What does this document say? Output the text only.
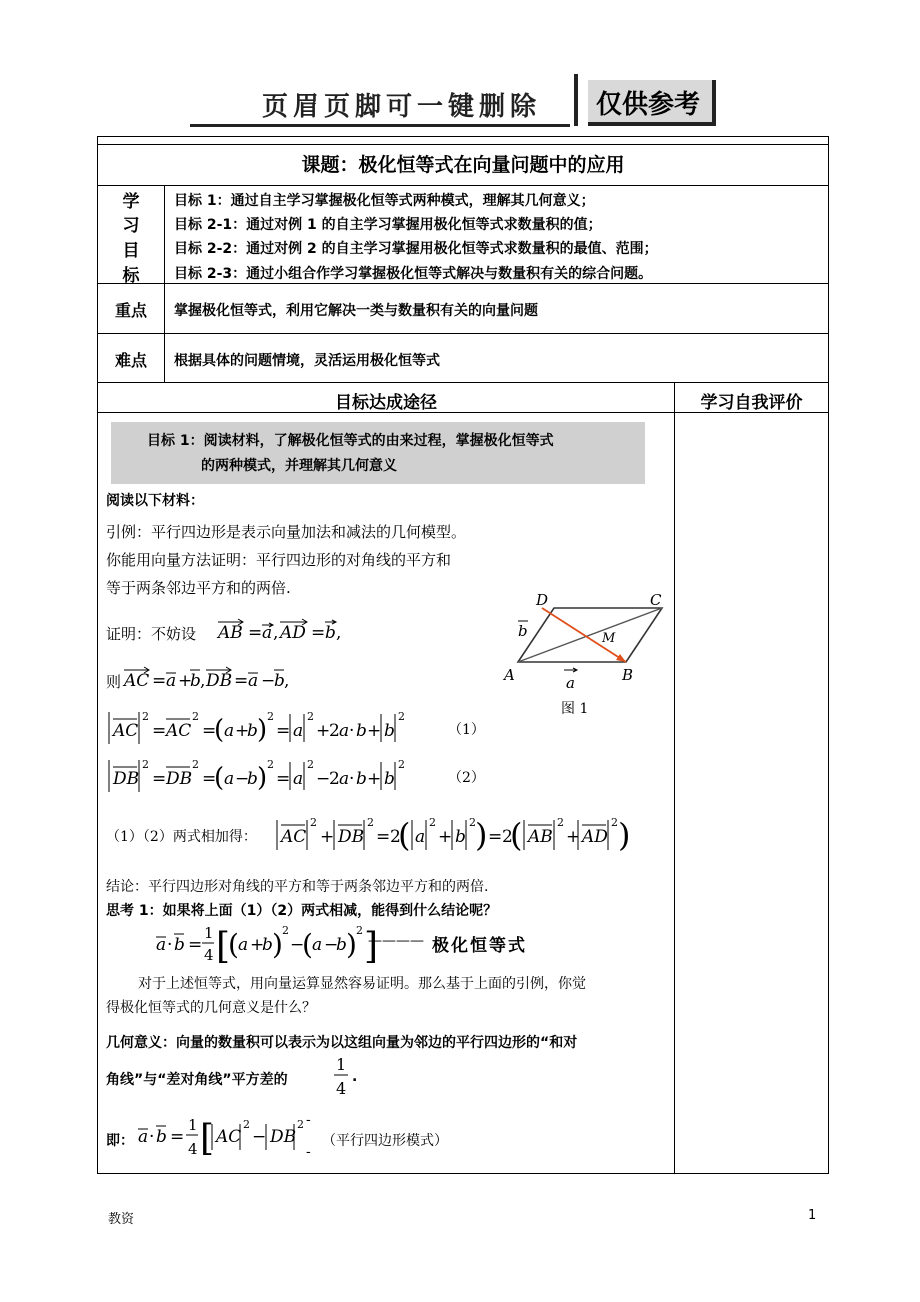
页眉页脚可一键删除 仅供参考
课题：极化恒等式在向量问题中的应用
学
习
目
标
目标 1：通过自主学习掌握极化恒等式两种模式，理解其几何意义；
目标 2-1：通过对例 1 的自主学习掌握用极化恒等式求数量积的值；
目标 2-2：通过对例 2 的自主学习掌握用极化恒等式求数量积的最值、范围；
目标 2-3：通过小组合作学习掌握极化恒等式解决与数量积有关的综合问题。
重点	掌握极化恒等式，利用它解决一类与数量积有关的向量问题
难点	根据具体的问题情境，灵活运用极化恒等式
目标达成途径	学习自我评价
目标 1：阅读材料，了解极化恒等式的由来过程，掌握极化恒等式
的两种模式，并理解其几何意义
阅读以下材料：
引例：平行四边形是表示向量加法和减法的几何模型。
你能用向量方法证明：平行四边形的对角线的平方和
等于两条邻边平方和的两倍.
证明：不妨设 AB = a , AD = b ,
则 AC = a +
b , DB = a −
b ,
AC
2
= AC
2
=
( a +
b ) 2
= a
2
+
2 a · b + b
2
（1）
DB
2
= DB
2
=
( a −
b ) 2
= a
2
−
2 a · b + b
2
（2）
（1）（2）两式相加得： AC
2
+ DB
2
= 2
( a
2
+ b
2 ) = 2
( AB
2
+ AD
2 )
结论：平行四边形对角线的平方和等于两条邻边平方和的两倍.
思考 1：如果将上面（1）（2）两式相减，能得到什么结论呢？
a · b =
1
4 [
( a +
b ) 2
−
( a −
b ) 2 ]
———— 极化恒等式
对于上述恒等式，用向量运算显然容易证明。那么基于上面的引例，你觉
得极化恒等式的几何意义是什么？
几何意义：向量的数量积可以表示为以这组向量为邻边的平行四边形的“和对
角线”与“差对角线”平方差的
1
4
.
即： a · b =
1
4 [ AC
2
− DB
2 -
-
（平行四边形模式）
D	C
A	B
M
b
a
图 1
教资	1
